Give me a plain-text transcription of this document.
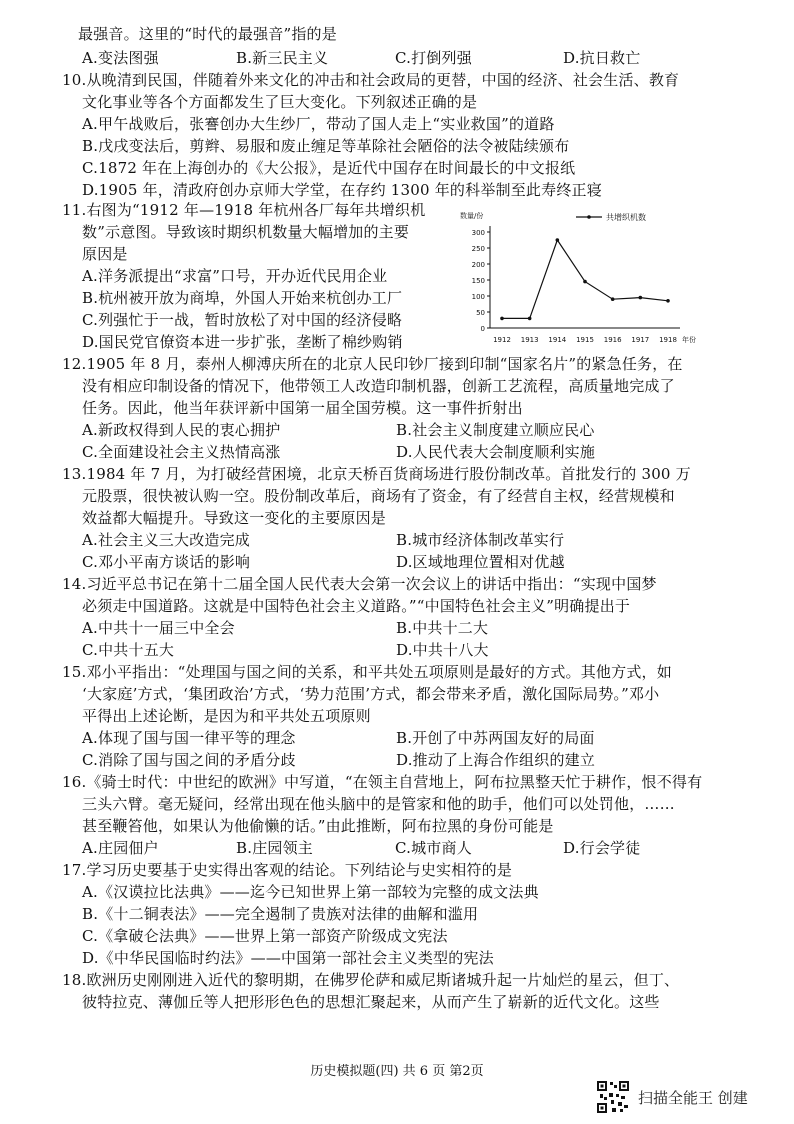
最强音。这里的“时代的最强音”指的是
A.变法图强	B.新三民主义	C.打倒列强	D.抗日救亡
10.从晚清到民国，伴随着外来文化的冲击和社会政局的更替，中国的经济、社会生活、教育
文化事业等各个方面都发生了巨大变化。下列叙述正确的是
A.甲午战败后，张謇创办大生纱厂，带动了国人走上“实业救国”的道路
B.戊戌变法后，剪辫、易服和废止缠足等革除社会陋俗的法令被陆续颁布
C.1872 年在上海创办的《大公报》，是近代中国存在时间最长的中文报纸
D.1905 年，清政府创办京师大学堂，在存约 1300 年的科举制至此寿终正寝
11.右图为“1912 年—1918 年杭州各厂每年共增织机
数”示意图。导致该时期织机数量大幅增加的主要
原因是
A.洋务派提出“求富”口号，开办近代民用企业
B.杭州被开放为商埠，外国人开始来杭创办工厂
C.列强忙于一战，暂时放松了对中国的经济侵略
D.国民党官僚资本进一步扩张，垄断了棉纱购销
12.1905 年 8 月，泰州人柳溥庆所在的北京人民印钞厂接到印制“国家名片”的紧急任务，在
没有相应印制设备的情况下，他带领工人改造印制机器，创新工艺流程，高质量地完成了
任务。因此，他当年获评新中国第一届全国劳模。这一事件折射出
A.新政权得到人民的衷心拥护	B.社会主义制度建立顺应民心
C.全面建设社会主义热情高涨	D.人民代表大会制度顺利实施
13.1984 年 7 月，为打破经营困境，北京天桥百货商场进行股份制改革。首批发行的 300 万
元股票，很快被认购一空。股份制改革后，商场有了资金，有了经营自主权，经营规模和
效益都大幅提升。导致这一变化的主要原因是
A.社会主义三大改造完成	B.城市经济体制改革实行
C.邓小平南方谈话的影响	D.区域地理位置相对优越
14.习近平总书记在第十二届全国人民代表大会第一次会议上的讲话中指出：“实现中国梦
必须走中国道路。这就是中国特色社会主义道路。”“中国特色社会主义”明确提出于
A.中共十一届三中全会	B.中共十二大
C.中共十五大	D.中共十八大
15.邓小平指出：“处理国与国之间的关系，和平共处五项原则是最好的方式。其他方式，如
‘大家庭’方式，‘集团政治’方式，‘势力范围’方式，都会带来矛盾，激化国际局势。”邓小
平得出上述论断，是因为和平共处五项原则
A.体现了国与国一律平等的理念	B.开创了中苏两国友好的局面
C.消除了国与国之间的矛盾分歧	D.推动了上海合作组织的建立
16.《骑士时代：中世纪的欧洲》中写道，“在领主自营地上，阿布拉黑整天忙于耕作，恨不得有
三头六臂。毫无疑问，经常出现在他头脑中的是管家和他的助手，他们可以处罚他，……
甚至鞭笞他，如果认为他偷懒的话。”由此推断，阿布拉黑的身份可能是
A.庄园佃户	B.庄园领主	C.城市商人	D.行会学徒
17.学习历史要基于史实得出客观的结论。下列结论与史实相符的是
A.《汉谟拉比法典》——迄今已知世界上第一部较为完整的成文法典
B.《十二铜表法》——完全遏制了贵族对法律的曲解和滥用
C.《拿破仑法典》——世界上第一部资产阶级成文宪法
D.《中华民国临时约法》——中国第一部社会主义类型的宪法
18.欧洲历史刚刚进入近代的黎明期，在佛罗伦萨和威尼斯诸城升起一片灿烂的星云，但丁、
彼特拉克、薄伽丘等人把形形色色的思想汇聚起来，从而产生了崭新的近代文化。这些
0
50
100
150
200
250
300
数量/份
1912 1913 1914 1915 1916 1917 1918 年份
共增织机数
历史模拟题(四) 共 6 页 第2页
扫描全能王 创建
